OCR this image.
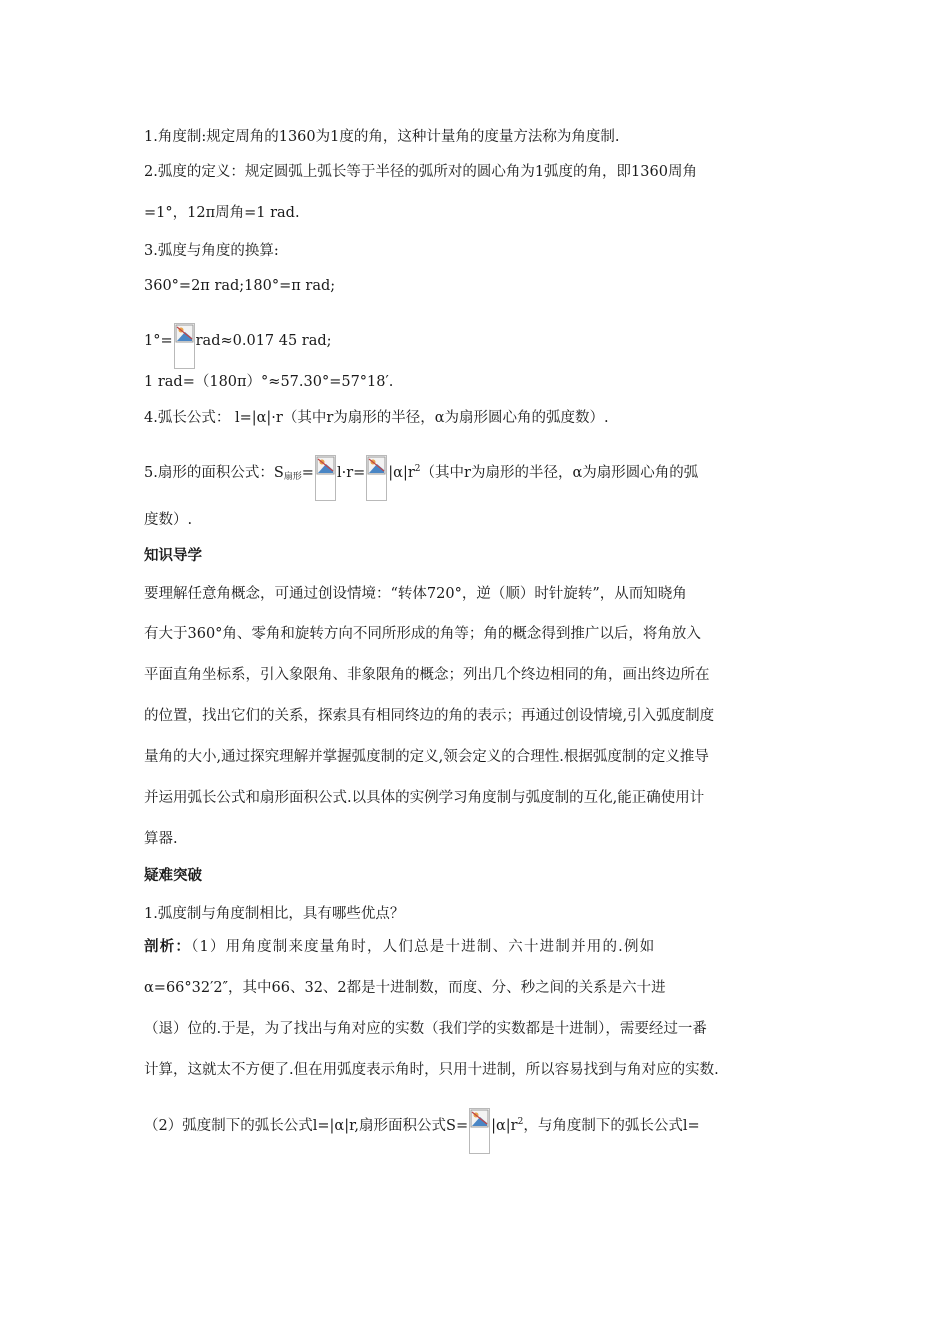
1.角度制:规定周角的1360为1度的角，这种计量角的度量方法称为角度制.
2.弧度的定义：规定圆弧上弧长等于半径的弧所对的圆心角为1弧度的角，即1360周角
=1°，12π周角=1 rad.
3.弧度与角度的换算:
360°=2π rad;180°=π rad;
1°= rad≈0.017 45 rad;
1 rad=（180π）°≈57.30°=57°18′.
4.弧长公式： l=|α|·r（其中r为扇形的半径，α为扇形圆心角的弧度数）.
5.扇形的面积公式：$S_{扇形}= l\cdot r= |\alpha|r^2$（其中r为扇形的半径，α为扇形圆心角的弧
度数）.
知识导学
要理解任意角概念，可通过创设情境：“转体720°，逆（顺）时针旋转”，从而知晓角
有大于360°角、零角和旋转方向不同所形成的角等；角的概念得到推广以后，将角放入
平面直角坐标系，引入象限角、非象限角的概念；列出几个终边相同的角，画出终边所在
的位置，找出它们的关系，探索具有相同终边的角的表示；再通过创设情境,引入弧度制度
量角的大小,通过探究理解并掌握弧度制的定义,领会定义的合理性.根据弧度制的定义推导
并运用弧长公式和扇形面积公式.以具体的实例学习角度制与弧度制的互化,能正确使用计
算器.
疑难突破
1.弧度制与角度制相比，具有哪些优点？
剖析：（1）用角度制来度量角时，人们总是十进制、六十进制并用的.例如
α=66°32′2″，其中66、32、2都是十进制数，而度、分、秒之间的关系是六十进
（退）位的.于是，为了找出与角对应的实数（我们学的实数都是十进制），需要经过一番
计算，这就太不方便了.但在用弧度表示角时，只用十进制，所以容易找到与角对应的实数.
（2）弧度制下的弧长公式l=|α|r,扇形面积公式$S= |\alpha|r^2$，与角度制下的弧长公式l=
